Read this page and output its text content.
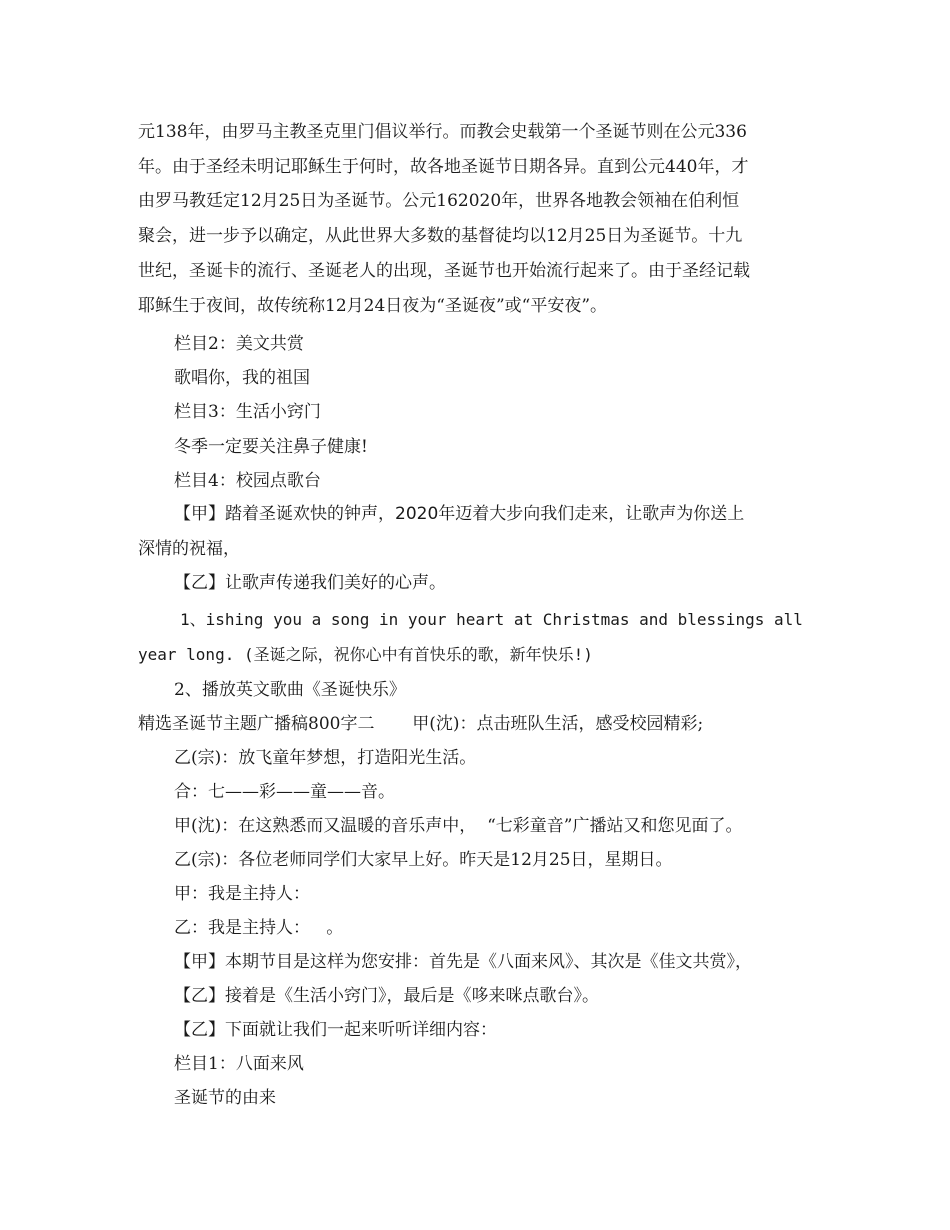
元138年，由罗马主教圣克里门倡议举行。而教会史载第一个圣诞节则在公元336
年。由于圣经未明记耶稣生于何时，故各地圣诞节日期各异。直到公元440年，才
由罗马教廷定12月25日为圣诞节。公元162020年，世界各地教会领袖在伯利恒
聚会，进一步予以确定，从此世界大多数的基督徒均以12月25日为圣诞节。十九
世纪，圣诞卡的流行、圣诞老人的出现，圣诞节也开始流行起来了。由于圣经记载
耶稣生于夜间，故传统称12月24日夜为“圣诞夜”或“平安夜”。
栏目2：美文共赏
歌唱你，我的祖国
栏目3：生活小窍门
冬季一定要关注鼻子健康!
栏目4：校园点歌台
【甲】踏着圣诞欢快的钟声，2020年迈着大步向我们走来，让歌声为你送上
深情的祝福，
【乙】让歌声传递我们美好的心声。
1、ishing you a song in your heart at Christmas and blessings all
year long. (圣诞之际，祝你心中有首快乐的歌，新年快乐!)
2、播放英文歌曲《圣诞快乐》
精选圣诞节主题广播稿800字二       甲(沈)：点击班队生活，感受校园精彩;
乙(宗)：放飞童年梦想，打造阳光生活。
合：七——彩——童——音。
甲(沈)：在这熟悉而又温暖的音乐声中，  “七彩童音”广播站又和您见面了。
乙(宗)：各位老师同学们大家早上好。昨天是12月25日，星期日。
甲：我是主持人：
乙：我是主持人：   。
【甲】本期节目是这样为您安排：首先是《八面来风》、其次是《佳文共赏》，
【乙】接着是《生活小窍门》，最后是《哆来咪点歌台》。
【乙】下面就让我们一起来听听详细内容：
栏目1：八面来风
圣诞节的由来
